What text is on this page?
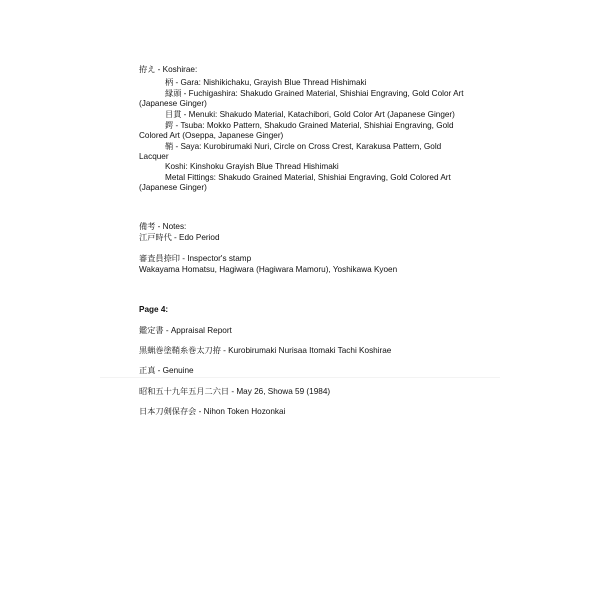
拵え - Koshirae:
柄 - Gara: Nishikichaku, Grayish Blue Thread Hishimaki
縁頭 - Fuchigashira: Shakudo Grained Material, Shishiai Engraving, Gold Color Art
(Japanese Ginger)
目貫 - Menuki: Shakudo Material, Katachibori, Gold Color Art (Japanese Ginger)
鍔 - Tsuba: Mokko Pattern, Shakudo Grained Material, Shishiai Engraving, Gold
Colored Art (Oseppa, Japanese Ginger)
鞘 - Saya: Kurobirumaki Nuri, Circle on Cross Crest, Karakusa Pattern, Gold
Lacquer
Koshi: Kinshoku Grayish Blue Thread Hishimaki
Metal Fittings: Shakudo Grained Material, Shishiai Engraving, Gold Colored Art
(Japanese Ginger)
備考 - Notes:
江戸時代 - Edo Period
審査員捺印 - Inspector's stamp
Wakayama Homatsu, Hagiwara (Hagiwara Mamoru), Yoshikawa Kyoen
Page 4:
鑑定書 - Appraisal Report
黒蝋巻塗鞘糸巻太刀拵 - Kurobirumaki Nurisaa Itomaki Tachi Koshirae
正真 - Genuine
昭和五十九年五月二六日 - May 26, Showa 59 (1984)
日本刀剣保存会 - Nihon Token Hozonkai
